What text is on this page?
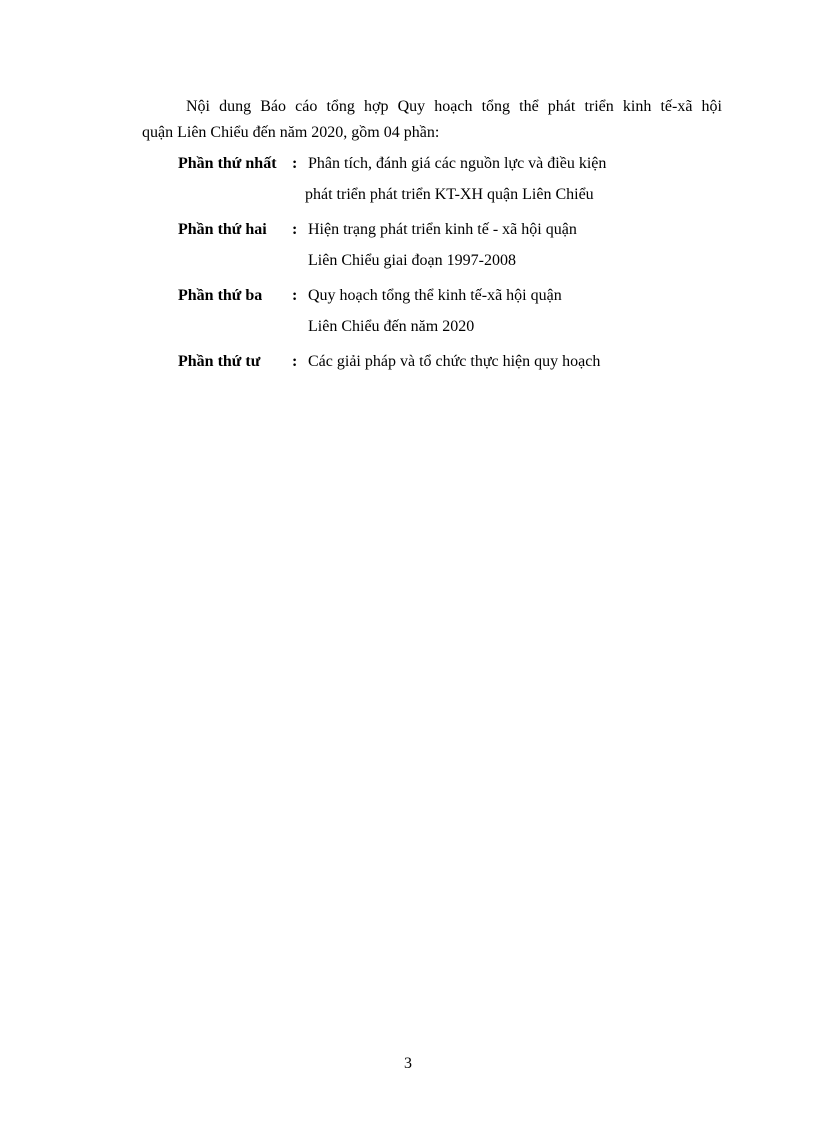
Nội dung Báo cáo tổng hợp Quy hoạch tổng thể phát triển kinh tế-xã hội
quận Liên Chiểu đến năm 2020, gồm 04 phần:
Phần thứ nhất : Phân tích, đánh giá các nguồn lực và điều kiện
phát triển phát triển KT-XH quận Liên Chiểu
Phần thứ hai : Hiện trạng phát triển kinh tế - xã hội quận
Liên Chiểu giai đoạn 1997-2008
Phần thứ ba : Quy hoạch tổng thể kinh tế-xã hội quận
Liên Chiểu đến năm 2020
Phần thứ tư : Các giải pháp và tổ chức thực hiện quy hoạch
3
